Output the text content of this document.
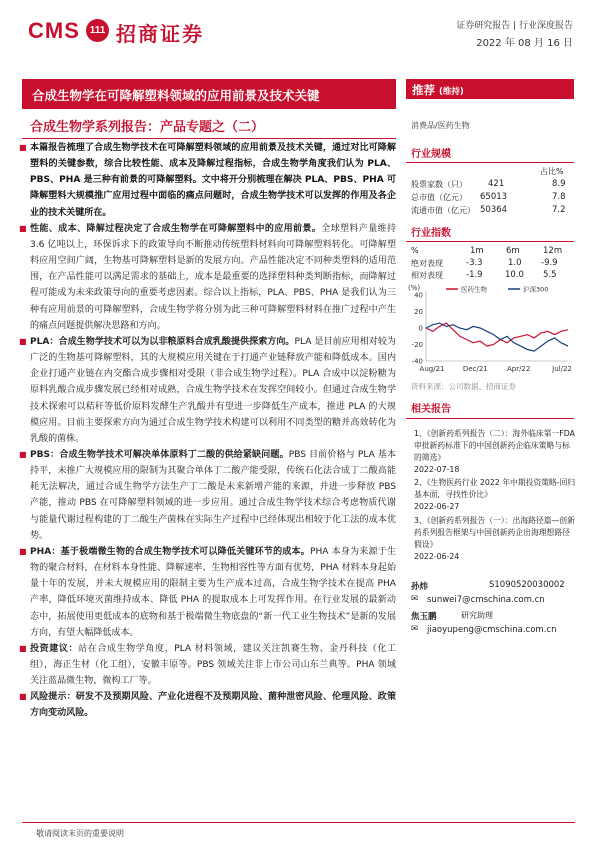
CMS 111 招商证券	证券研究报告 | 行业深度报告
2022 年 08 月 16 日
合成生物学在可降解塑料领域的应用前景及技术关键
合成生物学系列报告：产品专题之（二）

■ 本篇报告梳理了合成生物学技术在可降解塑料领域的应用前景及技术关键，通过对比可降解塑料的关键参数，综合比较性能、成本及降解过程指标，合成生物学角度我们认为 PLA、PBS、PHA 是三种有前景的可降解塑料。文中将开分别梳理在解决 PLA、PBS、PHA 可降解塑料大规模推广应用过程中面临的痛点问题时，合成生物学技术可以发挥的作用及各企业的技术关键所在。

■ 性能、成本、降解过程决定了合成生物学在可降解塑料中的应用前景。全球塑料产量维持 3.6 亿吨以上，环保诉求下的政策导向不断推动传统塑料材料向可降解塑料转化。可降解塑料应用空间广阔，生物基可降解塑料是新的发展方向。产品性能决定不同种类塑料的适用范围，在产品性能可以满足需求的基础上，成本是最重要的选择塑料种类判断指标，而降解过程可能成为未来政策导向的重要考虑因素。综合以上指标，PLA、PBS、PHA 是我们认为三种有应用前景的可降解塑料，合成生物学将分别为此三种可降解塑料材料在推广过程中产生的痛点问题提供解决思路和方向。

■ PLA：合成生物学技术可以为以非粮原料合成乳酸提供探索方向。PLA 是目前应用相对较为广泛的生物基可降解塑料，其的大规模应用关键在于打通产业链释放产能和降低成本。国内企业打通产业链在内交酯合成步骤相对受限（非合成生物学过程）。PLA 合成中以淀粉糖为原料乳酸合成步骤发展已经相对成熟，合成生物学技术在发挥空间较小。但通过合成生物学技术探索可以秸秆等低价原料发酵生产乳酸并有望进一步降低生产成本，推进 PLA 的大规模应用。目前主要探索方向为通过合成生物学技术构建可以利用不同类型的糖并高效转化为乳酸的菌株。

■ PBS：合成生物学技术可解决单体原料丁二酸的供给紧缺问题。PBS 目前价格与 PLA 基本持平，未推广大规模应用的限制为其聚合单体丁二酸产能受限，传统石化法合成丁二酸高能耗无法解决，通过合成生物学方法生产丁二酸是未来新增产能的来源，并进一步释放 PBS 产能，推动 PBS 在可降解塑料领域的进一步应用。通过合成生物学技术综合考虑物质代谢与能量代谢过程构建的丁二酸生产菌株在实际生产过程中已经体现出相较于化工法的成本优势。

■ PHA：基于极端微生物的合成生物学技术可以降低关键环节的成本。PHA 本身为来源于生物的聚合材料，在材料本身性能、降解速率、生物相容性等方面有优势，PHA 材料本身起始量十年的发展，并未大规模应用的限制主要为生产成本过高，合成生物学技术在提高 PHA 产率，降低环境灭菌维持成本、降低 PHA 的提取成本上可发挥作用。在行业发展的最新动态中，拓展使用更低成本的底物和基于极端微生物底盘的“新一代工业生物技术”是新的发展方向，有望大幅降低成本。

■ 投资建议：站在合成生物学角度，PLA 材料领域，建议关注凯赛生物、金丹科技（化工组），海正生材（化工组），安徽丰原等。PBS 领域关注非上市公司山东兰典等。PHA 领域关注蓝晶微生物，微构工厂等。

■ 风险提示：研发不及预期风险、产业化进程不及预期风险、菌种泄密风险、伦理风险、政策方向变动风险。

推荐 (维持)
消费品/医药生物
行业规模
占比%
股票家数（只） 421	8.9
总市值（亿元） 65013	7.8
流通市值（亿元） 50364	7.2
行业指数
%	1m	6m	12m
绝对表现	-3.3	1.0 -9.9
相对表现	-1.9	10.0 5.5
(%)
40
20
0
-20
-40
Aug/21	Dec/21	Apr/22	Jul/22
医药生物	沪深300
资料来源：公司数据、招商证券
相关报告
1、《创新药系列报告（二）：海外临床第一FDA 审批新药标准下的中国创新药企临床策略与标的筛选》
2022-07-18
2、《生物医药行业 2022 年中期投资策略-回归基本面，寻找性价比》
2022-06-27
3、《创新药系列报告（一）：出海路径篇—创新药系列报告框架与中国创新药企出海理想路径假设》
2022-06-24
孙炜	S1090520030002
✉ sunwei7@cmschina.com.cn
焦玉鹏	研究助理
✉ jiaoyupeng@cmschina.com.cn
敬请阅读末页的重要说明
